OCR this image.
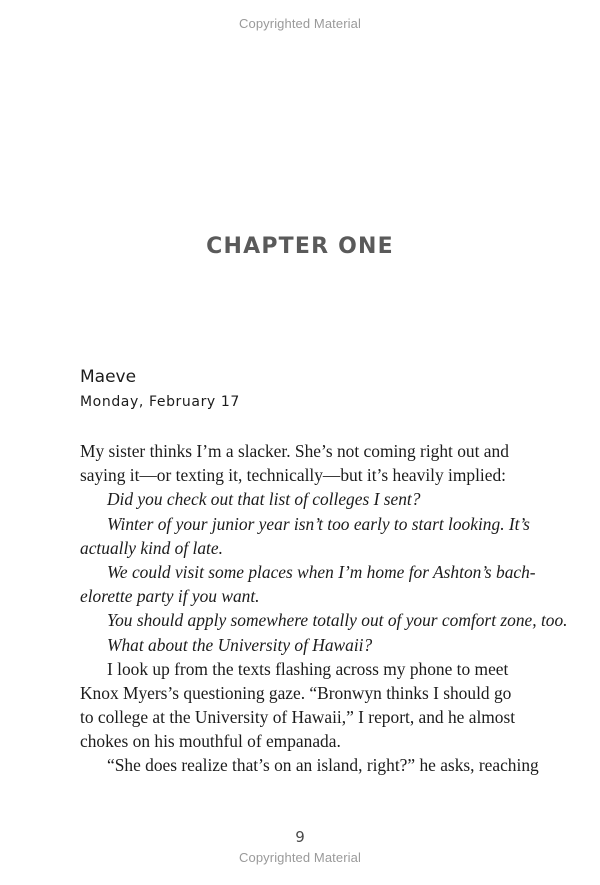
Copyrighted Material
CHAPTER ONE
Maeve
Monday, February 17
My sister thinks I’m a slacker. She’s not coming right out and
saying it—or texting it, technically—but it’s heavily implied:
Did you check out that list of colleges I sent?
Winter of your junior year isn’t too early to start looking. It’s
actually kind of late.
We could visit some places when I’m home for Ashton’s bach-
elorette party if you want.
You should apply somewhere totally out of your comfort zone, too.
What about the University of Hawaii?
I look up from the texts flashing across my phone to meet
Knox Myers’s questioning gaze. “Bronwyn thinks I should go
to college at the University of Hawaii,” I report, and he almost
chokes on his mouthful of empanada.
“She does realize that’s on an island, right?” he asks, reaching
9
Copyrighted Material
